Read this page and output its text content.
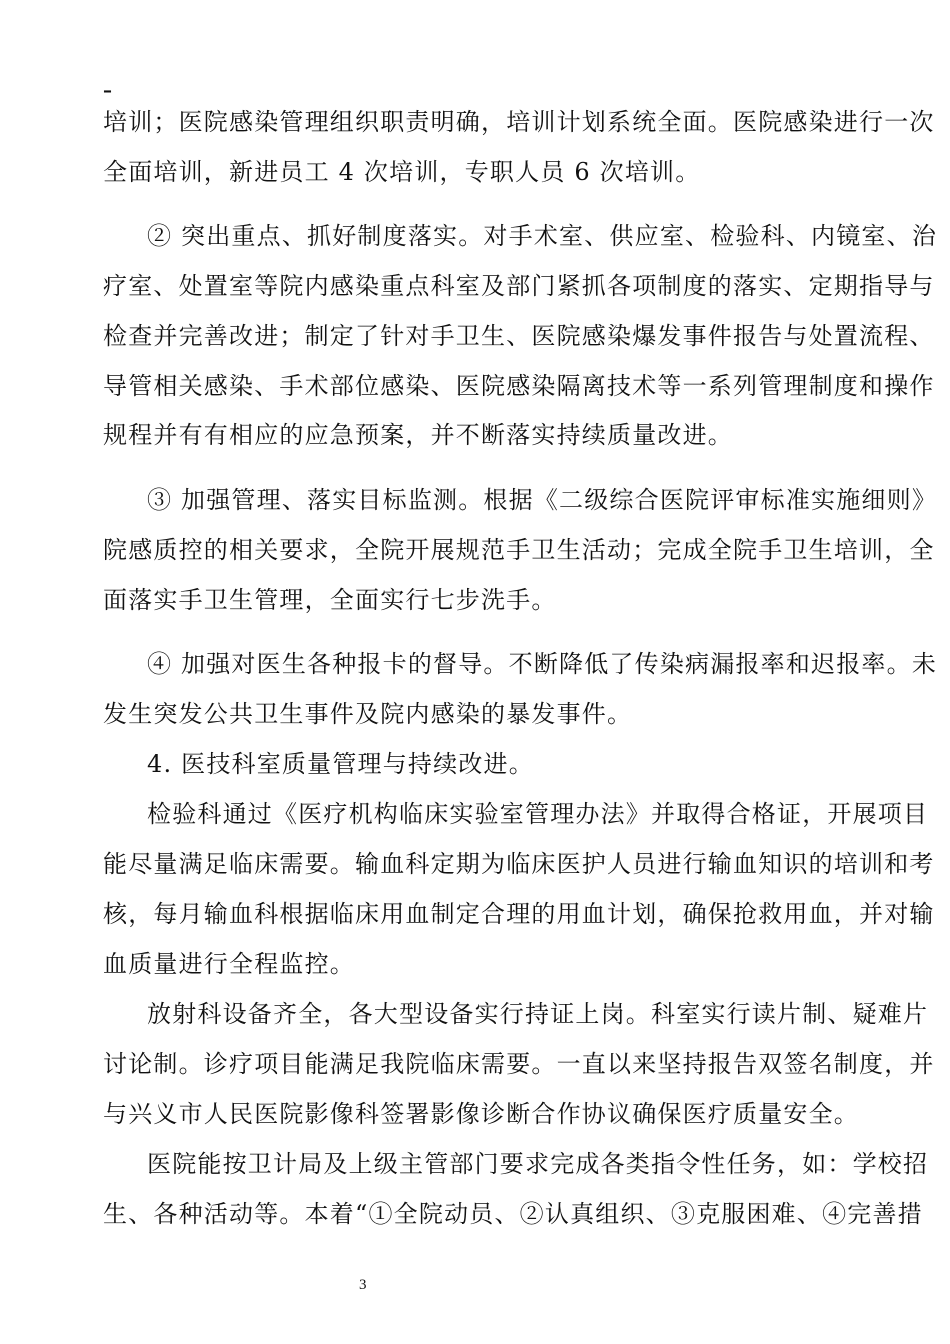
–
培训；医院感染管理组织职责明确，培训计划系统全面。医院感染进行一次
全面培训，新进员工 4 次培训，专职人员 6 次培训。
② 突出重点、抓好制度落实。对手术室、供应室、检验科、内镜室、治
疗室、处置室等院内感染重点科室及部门紧抓各项制度的落实、定期指导与
检查并完善改进；制定了针对手卫生、医院感染爆发事件报告与处置流程、
导管相关感染、手术部位感染、医院感染隔离技术等一系列管理制度和操作
规程并有有相应的应急预案，并不断落实持续质量改进。
③ 加强管理、落实目标监测。根据《二级综合医院评审标准实施细则》
院感质控的相关要求，全院开展规范手卫生活动；完成全院手卫生培训，全
面落实手卫生管理，全面实行七步洗手。
④ 加强对医生各种报卡的督导。不断降低了传染病漏报率和迟报率。未
发生突发公共卫生事件及院内感染的暴发事件。
4. 医技科室质量管理与持续改进。
检验科通过《医疗机构临床实验室管理办法》并取得合格证，开展项目
能尽量满足临床需要。输血科定期为临床医护人员进行输血知识的培训和考
核，每月输血科根据临床用血制定合理的用血计划，确保抢救用血，并对输
血质量进行全程监控。
放射科设备齐全，各大型设备实行持证上岗。科室实行读片制、疑难片
讨论制。诊疗项目能满足我院临床需要。一直以来坚持报告双签名制度，并
与兴义市人民医院影像科签署影像诊断合作协议确保医疗质量安全。
医院能按卫计局及上级主管部门要求完成各类指令性任务，如：学校招
生、各种活动等。本着“①全院动员、②认真组织、③克服困难、④完善措
3
